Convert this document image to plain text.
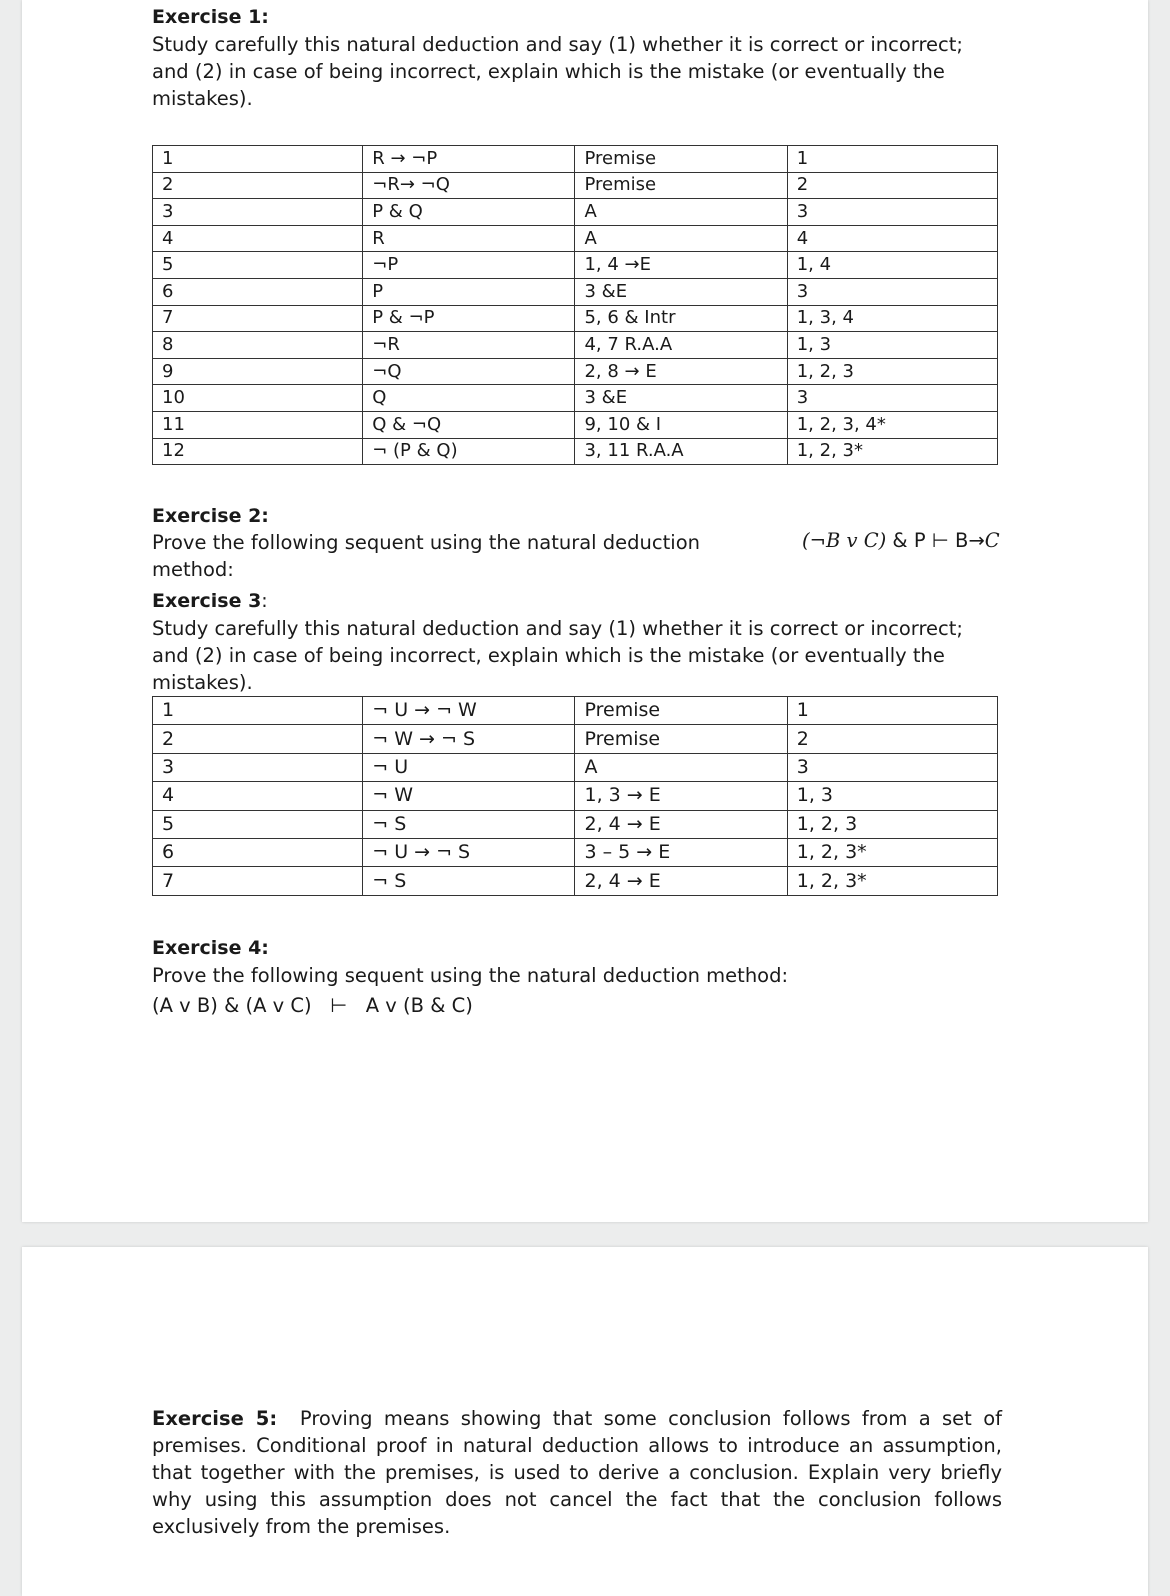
Exercise 1:
Study carefully this natural deduction and say (1) whether it is correct or incorrect; and (2) in case of being incorrect, explain which is the mistake (or eventually the mistakes).
1	R → ¬P	Premise	1
2	¬R→ ¬Q	Premise	2
3	P & Q	A	3
4	R	A	4
5	¬P	1, 4 →E	1, 4
6	P	3 &E	3
7	P & ¬P	5, 6 & Intr	1, 3, 4
8	¬R	4, 7 R.A.A	1, 3
9	¬Q	2, 8 → E	1, 2, 3
10	Q	3 &E	3
11	Q & ¬Q	9, 10 & I	1, 2, 3, 4*
12	¬ (P & Q)	3, 11 R.A.A	1, 2, 3*
Exercise 2:
Prove the following sequent using the natural deduction method:
(¬B v C) & P ⊢ B→C
Exercise 3:
Study carefully this natural deduction and say (1) whether it is correct or incorrect; and (2) in case of being incorrect, explain which is the mistake (or eventually the mistakes).
1	¬ U → ¬ W	Premise	1
2	¬ W → ¬ S	Premise	2
3	¬ U	A	3
4	¬ W	1, 3 → E	1, 3
5	¬ S	2, 4 → E	1, 2, 3
6	¬ U → ¬ S	3 – 5 → E	1, 2, 3*
7	¬ S	2, 4 → E	1, 2, 3*
Exercise 4:
Prove the following sequent using the natural deduction method:
(A v B) & (A v C)   ⊢   A v (B & C)
Exercise 5: Proving means showing that some conclusion follows from a set of premises. Conditional proof in natural deduction allows to introduce an assumption, that together with the premises, is used to derive a conclusion. Explain very briefly why using this assumption does not cancel the fact that the conclusion follows exclusively from the premises.
